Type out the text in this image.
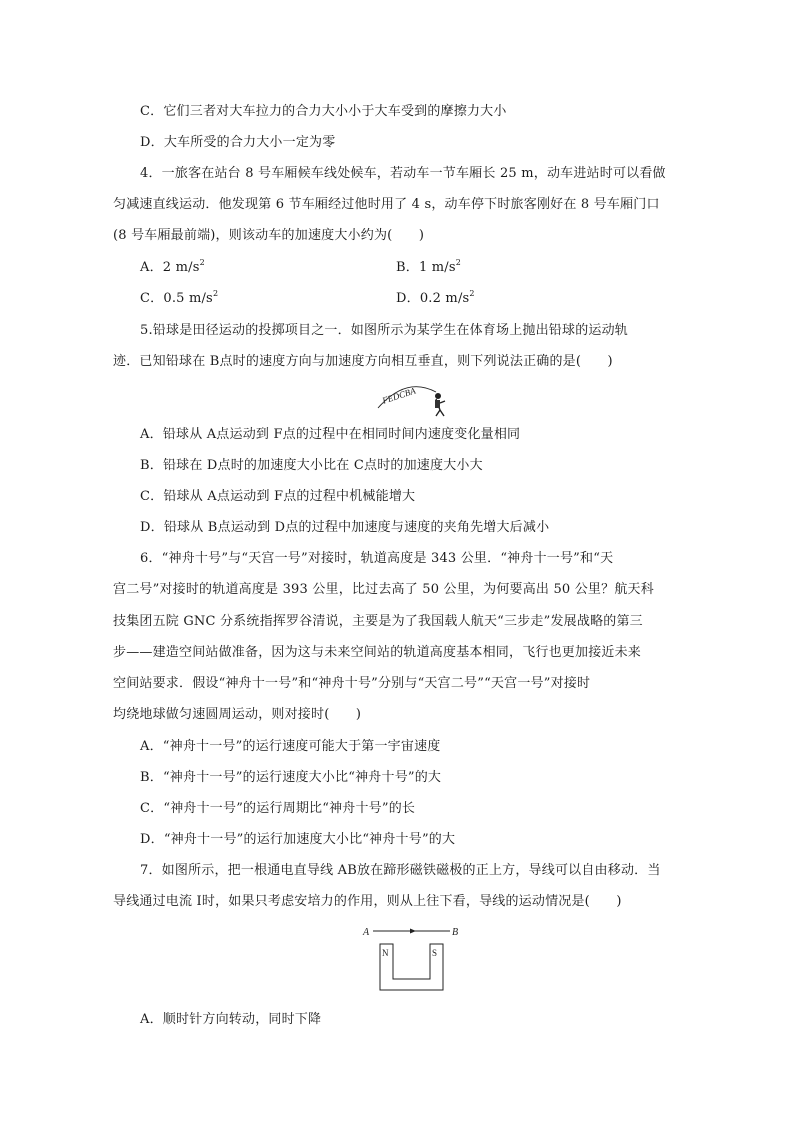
C．它们三者对大车拉力的合力大小小于大车受到的摩擦力大小
D．大车所受的合力大小一定为零
4．一旅客在站台 8 号车厢候车线处候车，若动车一节车厢长 25 m，动车进站时可以看做
匀减速直线运动．他发现第 6 节车厢经过他时用了 4 s，动车停下时旅客刚好在 8 号车厢门口
(8 号车厢最前端)，则该动车的加速度大小约为(　　)
A．2 $m/s^2$	B．1 $m/s^2$
C．0.5 $m/s^2$	D．0.2 $m/s^2$
5.铅球是田径运动的投掷项目之一．如图所示为某学生在体育场上抛出铅球的运动轨
迹．已知铅球在 B点时的速度方向与加速度方向相互垂直，则下列说法正确的是(　　)
FEDCBA
A．铅球从 A点运动到 F点的过程中在相同时间内速度变化量相同
B．铅球在 D点时的加速度大小比在 C点时的加速度大小大
C．铅球从 A点运动到 F点的过程中机械能增大
D．铅球从 B点运动到 D点的过程中加速度与速度的夹角先增大后减小
6．“神舟十号”与“天宫一号”对接时，轨道高度是 343 公里．“神舟十一号”和“天
宫二号”对接时的轨道高度是 393 公里，比过去高了 50 公里，为何要高出 50 公里？航天科
技集团五院 GNC 分系统指挥罗谷清说，主要是为了我国载人航天“三步走”发展战略的第三
步——建造空间站做准备，因为这与未来空间站的轨道高度基本相同，飞行也更加接近未来
空间站要求．假设“神舟十一号”和“神舟十号”分别与“天宫二号”“天宫一号”对接时
均绕地球做匀速圆周运动，则对接时(　　)
A．“神舟十一号”的运行速度可能大于第一宇宙速度
B．“神舟十一号”的运行速度大小比“神舟十号”的大
C．“神舟十一号”的运行周期比“神舟十号”的长
D．“神舟十一号”的运行加速度大小比“神舟十号”的大
7．如图所示，把一根通电直导线 AB放在蹄形磁铁磁极的正上方，导线可以自由移动．当
导线通过电流 I时，如果只考虑安培力的作用，则从上往下看，导线的运动情况是(　　)
A	B
N	S
A．顺时针方向转动，同时下降
